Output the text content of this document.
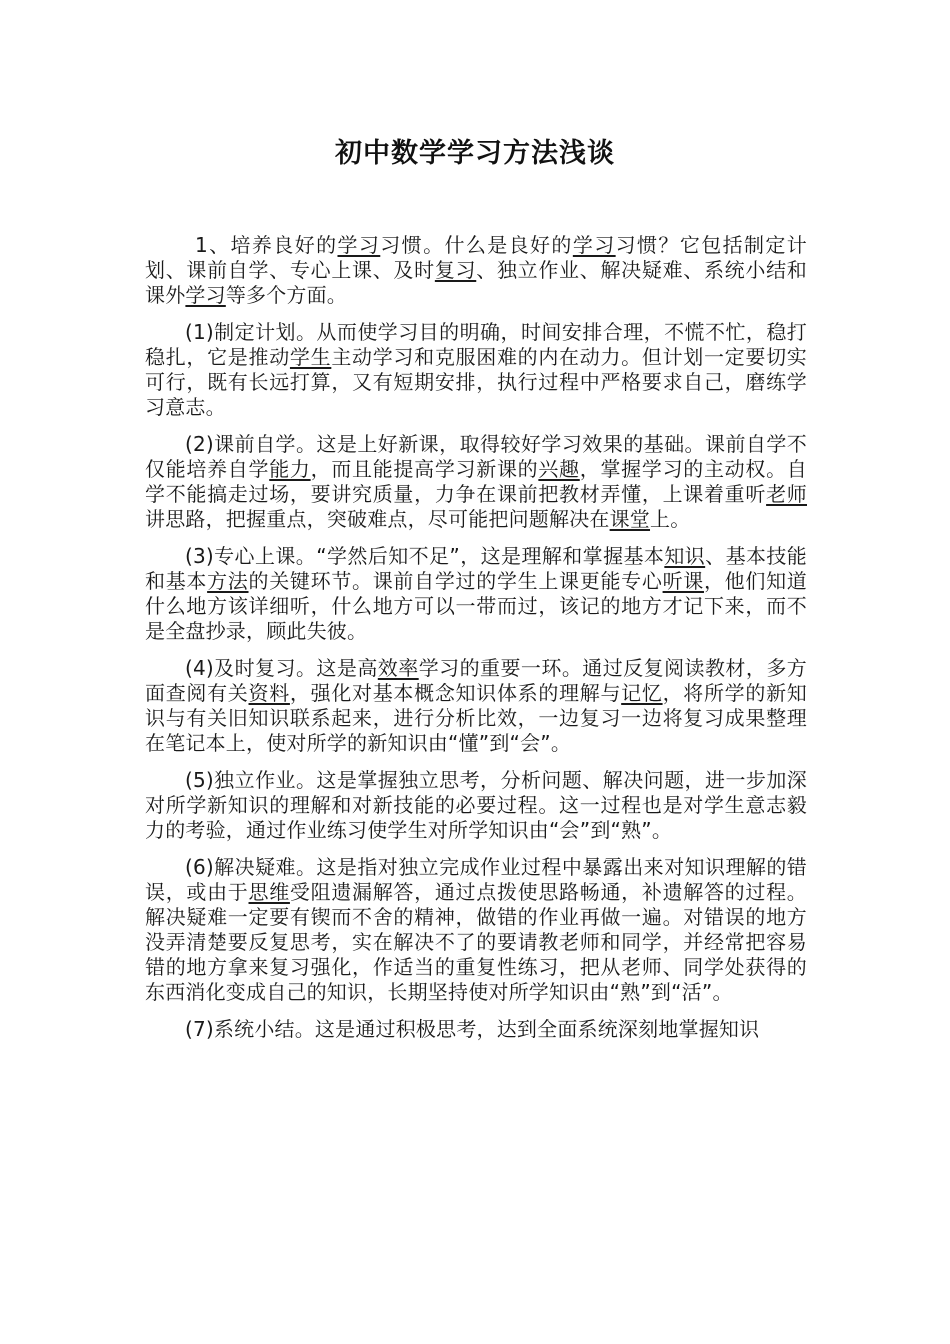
初中数学学习方法浅谈

1、培养良好的学习习惯。什么是良好的学习习惯？它包括制定计划、课前自学、专心上课、及时复习、独立作业、解决疑难、系统小结和课外学习等多个方面。

(1)制定计划。从而使学习目的明确，时间安排合理，不慌不忙，稳打稳扎，它是推动学生主动学习和克服困难的内在动力。但计划一定要切实可行，既有长远打算，又有短期安排，执行过程中严格要求自己，磨练学习意志。

(2)课前自学。这是上好新课，取得较好学习效果的基础。课前自学不仅能培养自学能力，而且能提高学习新课的兴趣，掌握学习的主动权。自学不能搞走过场，要讲究质量，力争在课前把教材弄懂，上课着重听老师讲思路，把握重点，突破难点，尽可能把问题解决在课堂上。

(3)专心上课。“学然后知不足”，这是理解和掌握基本知识、基本技能和基本方法的关键环节。课前自学过的学生上课更能专心听课，他们知道什么地方该详细听，什么地方可以一带而过，该记的地方才记下来，而不是全盘抄录，顾此失彼。

(4)及时复习。这是高效率学习的重要一环。通过反复阅读教材，多方面查阅有关资料，强化对基本概念知识体系的理解与记忆，将所学的新知识与有关旧知识联系起来，进行分析比效，一边复习一边将复习成果整理在笔记本上，使对所学的新知识由“懂”到“会”。

(5)独立作业。这是掌握独立思考，分析问题、解决问题，进一步加深对所学新知识的理解和对新技能的必要过程。这一过程也是对学生意志毅力的考验，通过作业练习使学生对所学知识由“会”到“熟”。

(6)解决疑难。这是指对独立完成作业过程中暴露出来对知识理解的错误，或由于思维受阻遗漏解答，通过点拨使思路畅通，补遗解答的过程。解决疑难一定要有锲而不舍的精神，做错的作业再做一遍。对错误的地方没弄清楚要反复思考，实在解决不了的要请教老师和同学，并经常把容易错的地方拿来复习强化，作适当的重复性练习，把从老师、同学处获得的东西消化变成自己的知识，长期坚持使对所学知识由“熟”到“活”。

(7)系统小结。这是通过积极思考，达到全面系统深刻地掌握知识
